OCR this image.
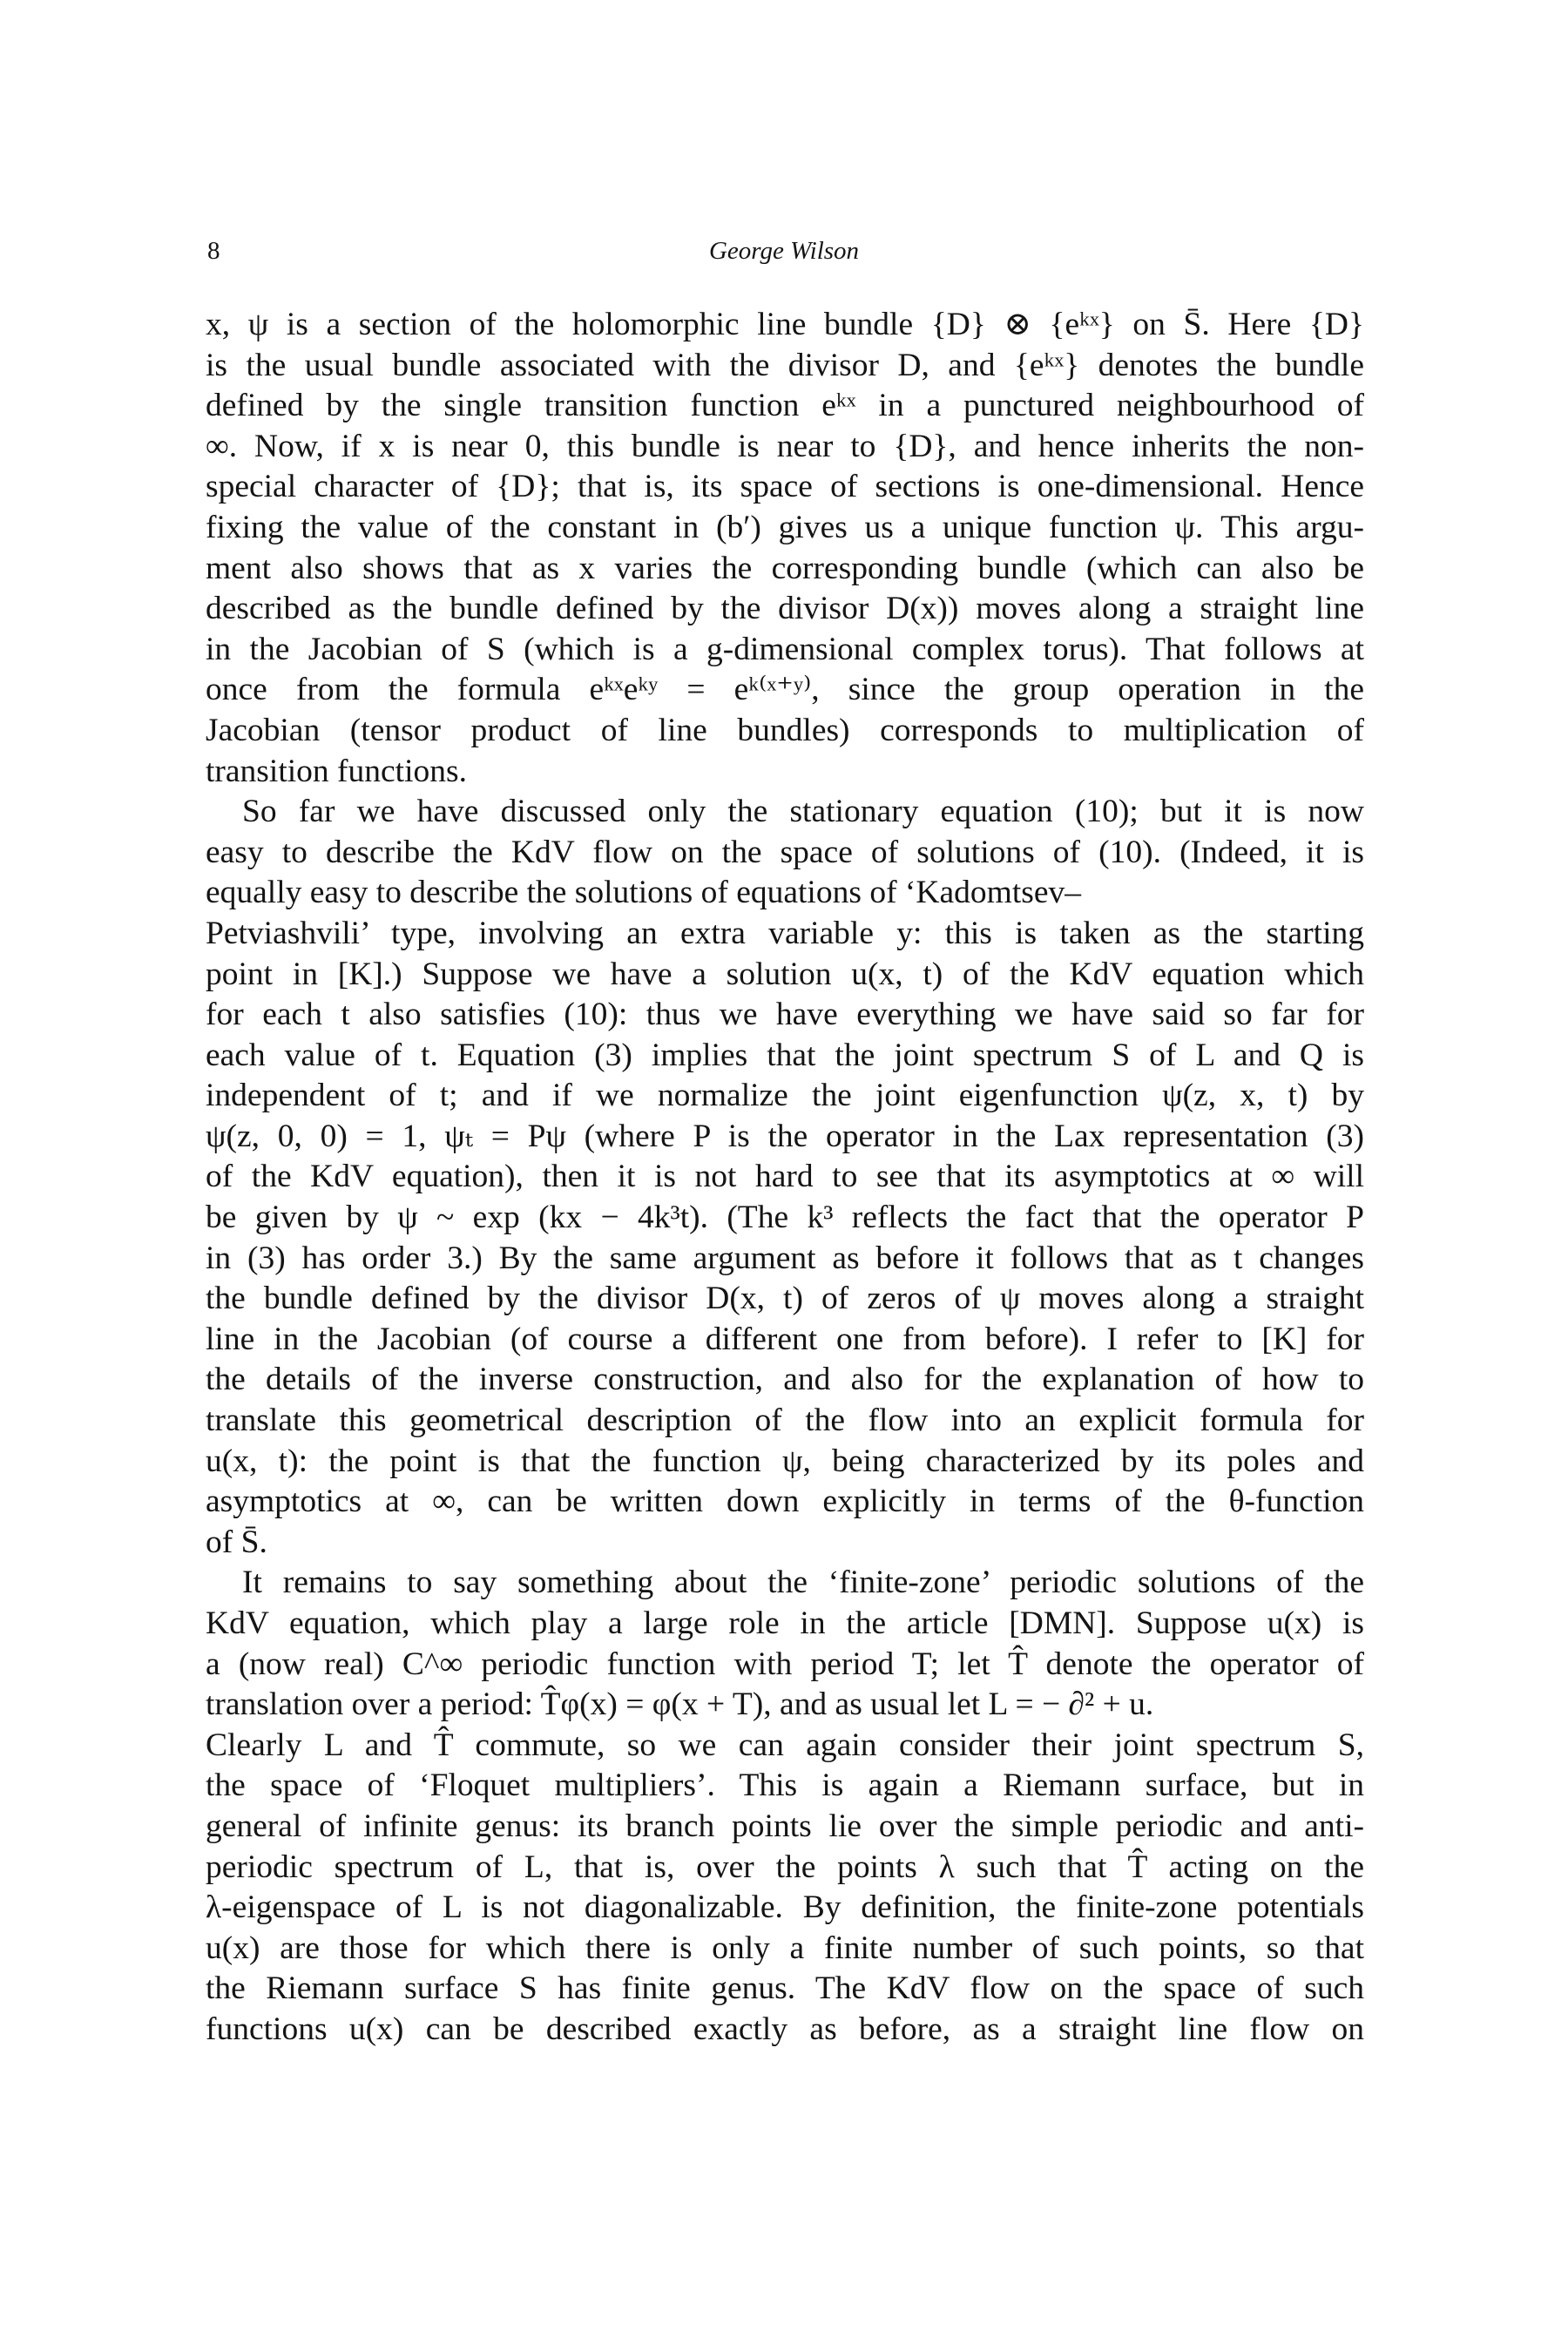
8	George Wilson
x, ψ is a section of the holomorphic line bundle {D} ⊗ {eᵏˣ} on S̄. Here {D}
is the usual bundle associated with the divisor D, and {eᵏˣ} denotes the bundle
defined by the single transition function eᵏˣ in a punctured neighbourhood of
∞. Now, if x is near 0, this bundle is near to {D}, and hence inherits the non-
special character of {D}; that is, its space of sections is one-dimensional. Hence
fixing the value of the constant in (b′) gives us a unique function ψ. This argu-
ment also shows that as x varies the corresponding bundle (which can also be
described as the bundle defined by the divisor D(x)) moves along a straight line
in the Jacobian of S (which is a g-dimensional complex torus). That follows at
once from the formula eᵏˣeᵏʸ = eᵏ⁽ˣ⁺ʸ⁾, since the group operation in the
Jacobian (tensor product of line bundles) corresponds to multiplication of
transition functions.
So far we have discussed only the stationary equation (10); but it is now
easy to describe the KdV flow on the space of solutions of (10). (Indeed, it is
equally easy to describe the solutions of equations of ‘Kadomtsev–
Petviashvili’ type, involving an extra variable y: this is taken as the starting
point in [K].) Suppose we have a solution u(x, t) of the KdV equation which
for each t also satisfies (10): thus we have everything we have said so far for
each value of t. Equation (3) implies that the joint spectrum S of L and Q is
independent of t; and if we normalize the joint eigenfunction ψ(z, x, t) by
ψ(z, 0, 0) = 1, ψₜ = Pψ (where P is the operator in the Lax representation (3)
of the KdV equation), then it is not hard to see that its asymptotics at ∞ will
be given by ψ ~ exp (kx − 4k³t). (The k³ reflects the fact that the operator P
in (3) has order 3.) By the same argument as before it follows that as t changes
the bundle defined by the divisor D(x, t) of zeros of ψ moves along a straight
line in the Jacobian (of course a different one from before). I refer to [K] for
the details of the inverse construction, and also for the explanation of how to
translate this geometrical description of the flow into an explicit formula for
u(x, t): the point is that the function ψ, being characterized by its poles and
asymptotics at ∞, can be written down explicitly in terms of the θ-function
of S̄.
It remains to say something about the ‘finite-zone’ periodic solutions of the
KdV equation, which play a large role in the article [DMN]. Suppose u(x) is
a (now real) C^∞ periodic function with period T; let T̂ denote the operator of
translation over a period: T̂φ(x) = φ(x + T), and as usual let L = − ∂² + u.
Clearly L and T̂ commute, so we can again consider their joint spectrum S,
the space of ‘Floquet multipliers’. This is again a Riemann surface, but in
general of infinite genus: its branch points lie over the simple periodic and anti-
periodic spectrum of L, that is, over the points λ such that T̂ acting on the
λ-eigenspace of L is not diagonalizable. By definition, the finite-zone potentials
u(x) are those for which there is only a finite number of such points, so that
the Riemann surface S has finite genus. The KdV flow on the space of such
functions u(x) can be described exactly as before, as a straight line flow on
